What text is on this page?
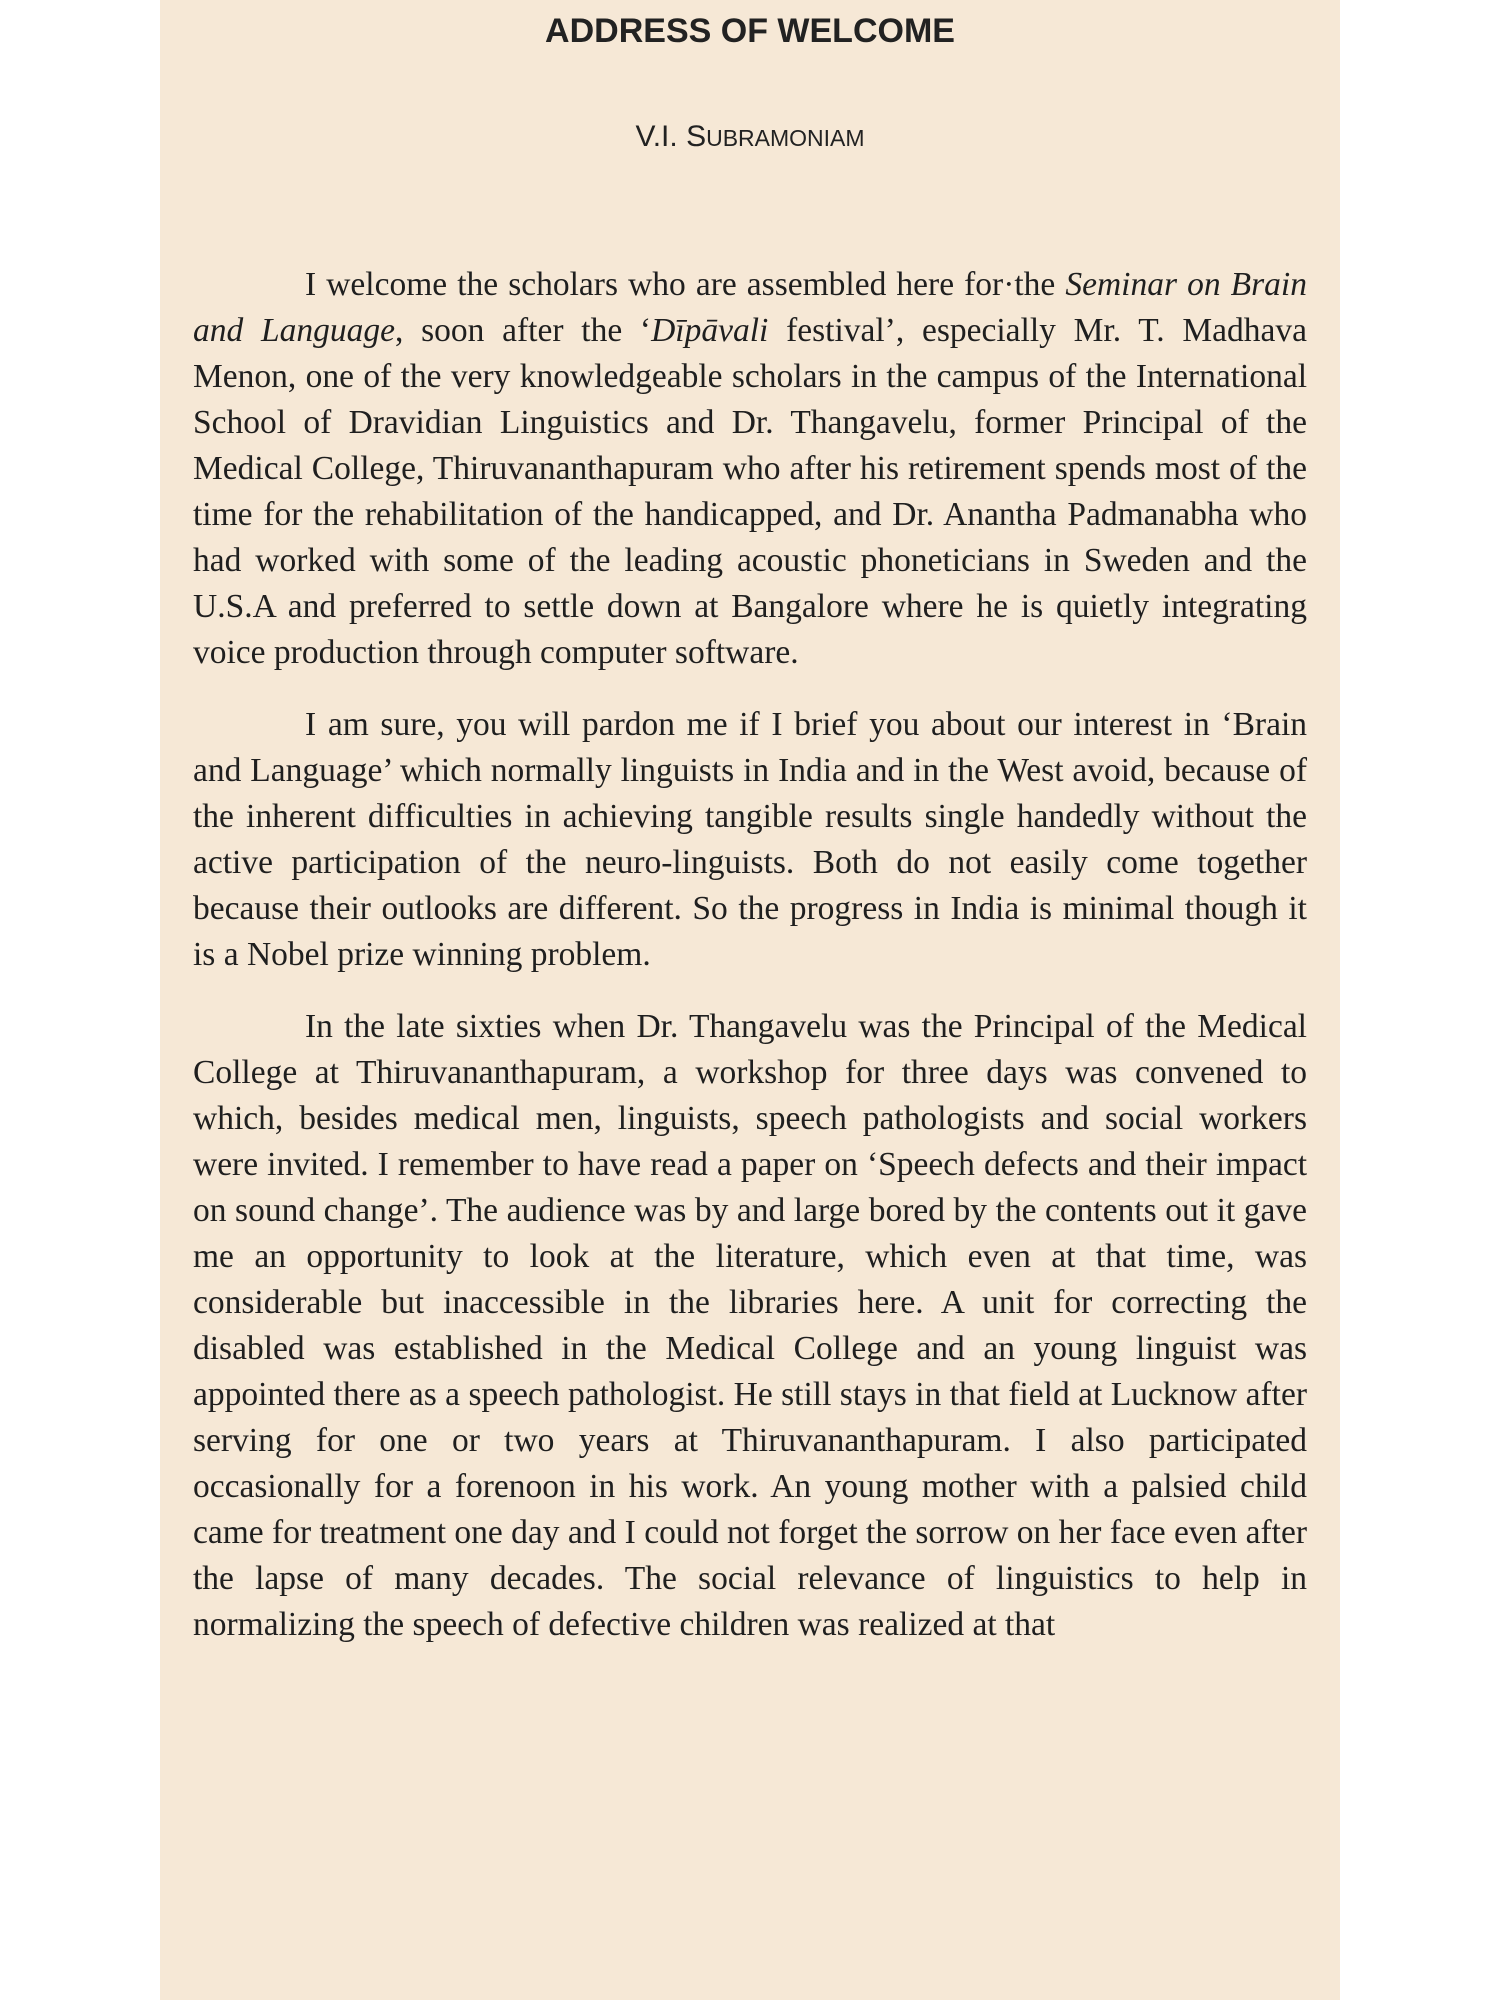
ADDRESS OF WELCOME

V.I. SUBRAMONIAM

I welcome the scholars who are assembled here for·the Seminar on Brain and Language, soon after the ‘Dīpāvali festival’, especially Mr. T. Madhava Menon, one of the very knowledgeable scholars in the campus of the International School of Dravidian Linguistics and Dr. Thangavelu, former Principal of the Medical College, Thiruvananthapuram who after his retirement spends most of the time for the rehabilitation of the handicapped, and Dr. Anantha Padmanabha who had worked with some of the leading acoustic phoneticians in Sweden and the U.S.A and preferred to settle down at Bangalore where he is quietly integrating voice production through computer software.

I am sure, you will pardon me if I brief you about our interest in ‘Brain and Language’ which normally linguists in India and in the West avoid, because of the inherent difficulties in achieving tangible results single handedly without the active participation of the neuro-linguists. Both do not easily come together because their outlooks are different. So the progress in India is minimal though it is a Nobel prize winning problem.

In the late sixties when Dr. Thangavelu was the Principal of the Medical College at Thiruvananthapuram, a workshop for three days was convened to which, besides medical men, linguists, speech pathologists and social workers were invited. I remember to have read a paper on ‘Speech defects and their impact on sound change’. The audience was by and large bored by the contents out it gave me an opportunity to look at the literature, which even at that time, was considerable but inaccessible in the libraries here. A unit for correcting the disabled was established in the Medical College and an young linguist was appointed there as a speech pathologist. He still stays in that field at Lucknow after serving for one or two years at Thiruvananthapuram. I also participated occasionally for a forenoon in his work. An young mother with a palsied child came for treatment one day and I could not forget the sorrow on her face even after the lapse of many decades. The social relevance of linguistics to help in normalizing the speech of defective children was realized at that
